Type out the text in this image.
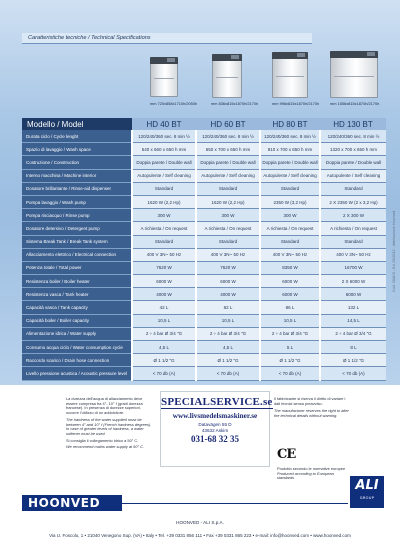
Caratteristiche tecniche / Technical Specifications
mm 720x858x1710h/2050h	mm 836x815x1870h/2170h	mm 996x815x1870h/2170h	mm 1556x815x1870h/2170h
Modello / Model	HD 40 BT	HD 60 BT	HD 80 BT	HD 130 BT
Durata ciclo / Cycle lenght	120/240/360 sec. 8 min ½	120/240/360 sec. 8 min ½	120/240/360 sec. 8 min ½	120/240/360 sec. 8 min ½
Spazio di lavaggio / Wash space	540 x 660 x 650 h mm	650 x 700 x 650 h mm	810 x 700 x 650 h mm	1320 x 700 x 650 h mm
Costruzione / Construction	Doppia parete / Double wall	Doppia parete / Double wall	Doppia parete / Double wall	Doppia parete / Double wall
Interno macchina / Machine interior	Autopulente / Self cleaning	Autopulente / Self cleaning	Autopulente / Self cleaning	Autopulente / Self cleaning
Dosatore brillantante / Rinse-aid dispenser	Standard	Standard	Standard	Standard
Pompa lavaggio / Wash pump	1620 W (2,2 Hp)	1620 W (2,2 Hp)	2350 W (3,2 Hp)	2 X 2350 W (2 x 3,2 Hp)
Pompa risciacquo / Rinse pump	300 W	300 W	300 W	2 X 300 W
Dosatore detersivo / Detergent pump	A richiesta / On request	A richiesta / On request	A richiesta / On request	A richiesta / On request
Sistema Break Tank / Break Tank system	Standard	Standard	Standard	Standard
Allacciamento elettrico / Electrical connection	400 V 3N~ 50 Hz	400 V 3N~ 50 Hz	400 V 3N~ 50 Hz	400 V 3N~ 50 Hz
Potenza totale / Total power	7620 W	7620 W	8350 W	16700 W
Resistenza boiler / Boiler heater	6000 W	6000 W	6000 W	2 X 6000 W
Resistenza vasca / Tank heater	4000 W	4000 W	6000 W	6000 W
Capacità vasca / Tank capacity	42 L	82 L	86 L	132 L
Capacità boiler / Boiler capacity	10,5 L	10,5 L	10,5 L	14,5 L
Alimentazione idrica / Water supply	2 ÷ 4 bar Ø 3/4 "G	2 ÷ 4 bar Ø 3/4 "G	2 ÷ 4 bar Ø 3/4 "G	2 ÷ 4 bar Ø 3/4 "G
Consumo acqua ciclo / Water consumption cycle	4,5 L	4,5 L	5 L	8 L
Raccordo scarico / Drain hose connection	Ø 1 1/2 "G	Ø 1 1/2 "G	Ø 1 1/2 "G	Ø 1 1/2 "G
Livello pressione acustica / Acoustic pressure level	< 70 db (A)	< 70 db (A)	< 70 db (A)	< 70 db (A)

La durezza dell'acqua di allacciamento deve essere compresa fra 4°- 10° f (gradi durezza francese). In presenza di durezze superiori, occorre l'utilizzo di un addolcitore.

The hardness of the water supplied must be between 4° and 10° f (French hardness degrees). In case of greater levels of hardness, a water softener must be used.

Si consiglia il collegamento idrico a 50° C.

We recommend mains water supply at 50° C.

SPECIALSERVICE.se
www.livsmedelsmaskiner.se
Datavägen 55 D
43632 Askim
031-68 32 35

Il fabbricante si riserva il diritto di variare i dati tecnici senza preavviso.

The manufacturer reserves the right to alter the technical details without warning.

CE
Prodotto secondo le normative europee
Produced according to European standards
HOONVED
ALI
GROUP
HOONVED - ALI S.p.A.
Via U. Foscolo, 1 • 21040 Venegono Sup. (VA) • Italy • Tel. +39 0331 856 111 • Fax +39 0331 865 223 • e-mail: info@hoonved.com • www.hoonved.com
Cod. 3SAH3 - Ed. 09/2012 - distribuzione Hoonved
